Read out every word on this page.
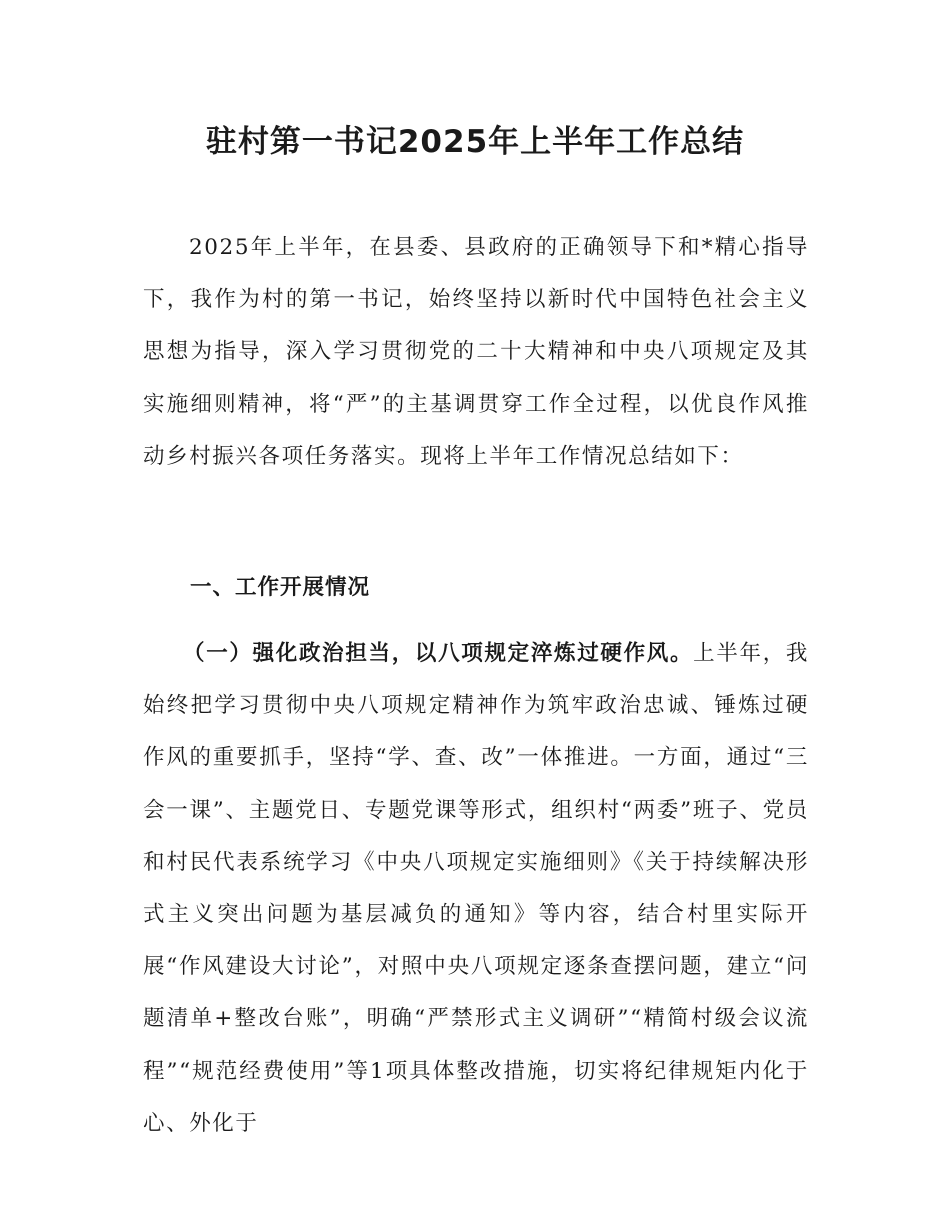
驻村第一书记2025年上半年工作总结

2025年上半年，在县委、县政府的正确领导下和*精心指导下，我作为村的第一书记，始终坚持以新时代中国特色社会主义思想为指导，深入学习贯彻党的二十大精神和中央八项规定及其实施细则精神，将“严”的主基调贯穿工作全过程，以优良作风推动乡村振兴各项任务落实。现将上半年工作情况总结如下：

一、工作开展情况

（一）强化政治担当，以八项规定淬炼过硬作风。上半年，我始终把学习贯彻中央八项规定精神作为筑牢政治忠诚、锤炼过硬作风的重要抓手，坚持“学、查、改”一体推进。一方面，通过“三会一课”、主题党日、专题党课等形式，组织村“两委”班子、党员和村民代表系统学习《中央八项规定实施细则》《关于持续解决形式主义突出问题为基层减负的通知》等内容，结合村里实际开展“作风建设大讨论”，对照中央八项规定逐条查摆问题，建立“问题清单+整改台账”，明确“严禁形式主义调研”“精简村级会议流程”“规范经费使用”等1项具体整改措施，切实将纪律规矩内化于心、外化于
